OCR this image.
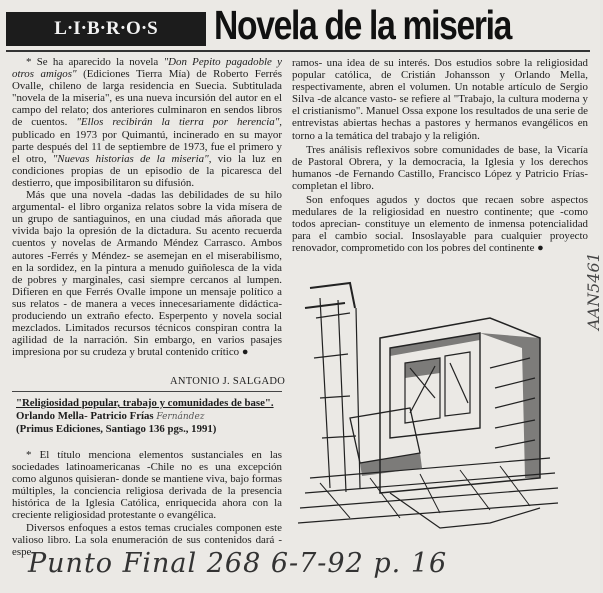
L·I·B·R·O·S	Novela de la miseria

* Se ha aparecido la novela "Don Pepito pagadoble y otros amigos" (Ediciones Tierra Mía) de Roberto Ferrés Ovalle, chileno de larga residencia en Suecia. Subtitulada "novela de la miseria", es una nueva incursión del autor en el campo del relato; dos anteriores culminaron en sendos libros de cuentos. "Ellos recibirán la tierra por herencia", publicado en 1973 por Quimantú, incinerado en su mayor parte después del 11 de septiembre de 1973, fue el primero y el otro, "Nuevas historias de la miseria", vio la luz en condiciones propias de un episodio de la picaresca del destierro, que imposibilitaron su difusión.

Más que una novela -dadas las debilidades de su hilo argumental- el libro organiza relatos sobre la vida mísera de un grupo de santiaguinos, en una ciudad más añorada que vivida bajo la opresión de la dictadura. Su acento recuerda cuentos y novelas de Armando Méndez Carrasco. Ambos autores -Ferrés y Méndez- se asemejan en el miserabilismo, en la sordidez, en la pintura a menudo guiñolesca de la vida de pobres y marginales, casi siempre cercanos al lumpen. Difieren en que Ferrés Ovalle impone un mensaje político a sus relatos - de manera a veces innecesariamente didáctica- produciendo un extraño efecto. Esperpento y novela social mezclados. Limitados recursos técnicos conspiran contra la agilidad de la narración. Sin embargo, en varios pasajes impresiona por su crudeza y brutal contenido crítico ●

ANTONIO J. SALGADO
"Religiosidad popular, trabajo y comunidades de base".
Orlando Mella- Patricio Frías Fernández
(Primus Ediciones, Santiago 136 pgs., 1991)

* El título menciona elementos sustanciales en las sociedades latinoamericanas -Chile no es una excepción como algunos quisieran- donde se mantiene viva, bajo formas múltiples, la conciencia religiosa derivada de la presencia histórica de la Iglesia Católica, enriquecida ahora con la creciente religiosidad protestante o evangélica.

Diversos enfoques a estos temas cruciales componen este valioso libro. La sola enumeración de sus contenidos dará -espe-

ramos- una idea de su interés. Dos estudios sobre la religiosidad popular católica, de Cristián Johansson y Orlando Mella, respectivamente, abren el volumen. Un notable artículo de Sergio Silva -de alcance vasto- se refiere al "Trabajo, la cultura moderna y el cristianismo". Manuel Ossa expone los resultados de una serie de entrevistas abiertas hechas a pastores y hermanos evangélicos en torno a la temática del trabajo y la religión.

Tres análisis reflexivos sobre comunidades de base, la Vicaría de Pastoral Obrera, y la democracia, la Iglesia y los derechos humanos -de Fernando Castillo, Francisco López y Patricio Frías- completan el libro.

Son enfoques agudos y doctos que recaen sobre aspectos medulares de la religiosidad en nuestro continente; que -como todos aprecian- constituye un elemento de inmensa potencialidad para el cambio social. Insoslayable para cualquier proyecto renovador, comprometido con los pobres del continente ●

AAN5461
Punto Final 268 6-7-92 p. 16
